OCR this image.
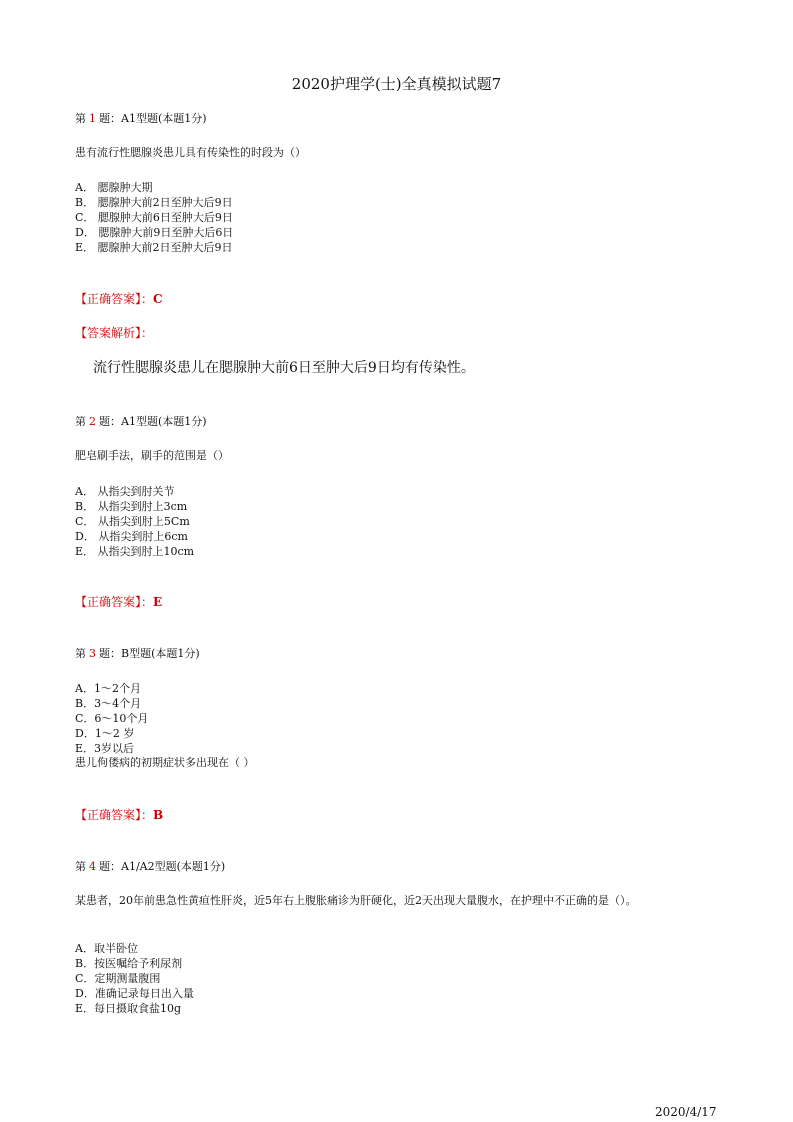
2020护理学(士)全真模拟试题7
第 1 题：A1型题(本题1分)
患有流行性腮腺炎患儿具有传染性的时段为（）
A． 腮腺肿大期
B． 腮腺肿大前2日至肿大后9日
C． 腮腺肿大前6日至肿大后9日
D． 腮腺肿大前9日至肿大后6日
E． 腮腺肿大前2日至肿大后9日
【正确答案】：C
【答案解析】：
流行性腮腺炎患儿在腮腺肿大前6日至肿大后9日均有传染性。
第 2 题：A1型题(本题1分)
肥皂刷手法，刷手的范围是（）
A． 从指尖到肘关节
B． 从指尖到肘上3cm
C． 从指尖到肘上5Cm
D． 从指尖到肘上6cm
E． 从指尖到肘上10cm
【正确答案】：E
第 3 题：B型题(本题1分)
A．1～2个月
B．3～4个月
C．6～10个月
D．1～2 岁
E．3岁以后
患儿佝偻病的初期症状多出现在（ ）
【正确答案】：B
第 4 题：A1/A2型题(本题1分)
某患者，20年前患急性黄疸性肝炎，近5年右上腹胀痛诊为肝硬化，近2天出现大量腹水，在护理中不正确的是（）。
A．取半卧位
B．按医嘱给予利尿剂
C．定期测量腹围
D．准确记录每日出入量
E．每日摄取食盐10g
2020/4/17
